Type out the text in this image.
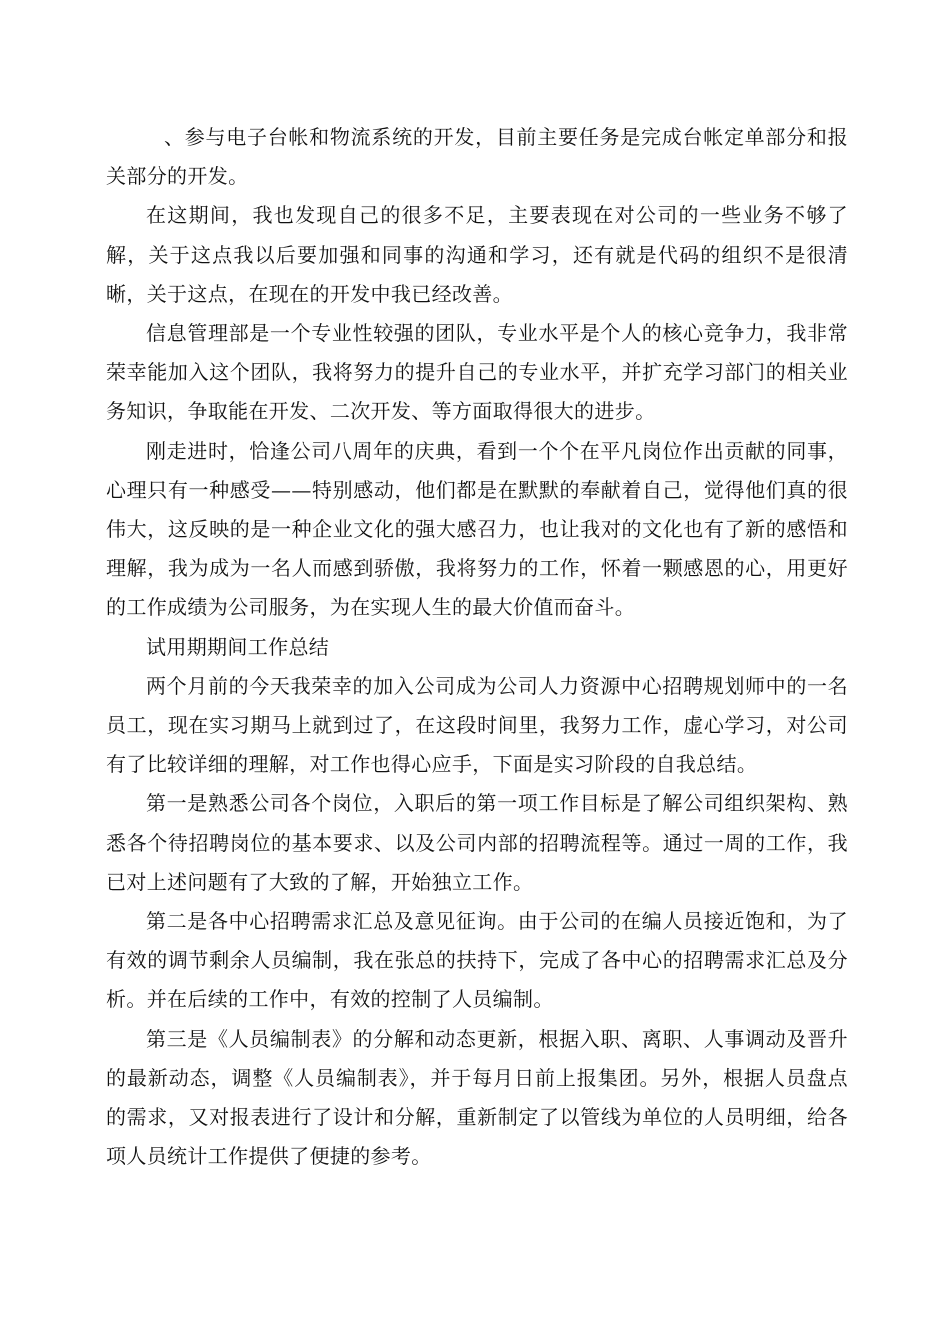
、参与电子台帐和物流系统的开发，目前主要任务是完成台帐定单部分和报关部分的开发。

在这期间，我也发现自己的很多不足，主要表现在对公司的一些业务不够了解，关于这点我以后要加强和同事的沟通和学习，还有就是代码的组织不是很清晰，关于这点，在现在的开发中我已经改善。

信息管理部是一个专业性较强的团队，专业水平是个人的核心竞争力，我非常荣幸能加入这个团队，我将努力的提升自己的专业水平，并扩充学习部门的相关业务知识，争取能在开发、二次开发、等方面取得很大的进步。

刚走进时，恰逢公司八周年的庆典，看到一个个在平凡岗位作出贡献的同事，心理只有一种感受——特别感动，他们都是在默默的奉献着自己，觉得他们真的很伟大，这反映的是一种企业文化的强大感召力，也让我对的文化也有了新的感悟和理解，我为成为一名人而感到骄傲，我将努力的工作，怀着一颗感恩的心，用更好的工作成绩为公司服务，为在实现人生的最大价值而奋斗。

试用期期间工作总结

两个月前的今天我荣幸的加入公司成为公司人力资源中心招聘规划师中的一名员工，现在实习期马上就到过了，在这段时间里，我努力工作，虚心学习，对公司有了比较详细的理解，对工作也得心应手，下面是实习阶段的自我总结。

第一是熟悉公司各个岗位，入职后的第一项工作目标是了解公司组织架构、熟悉各个待招聘岗位的基本要求、以及公司内部的招聘流程等。通过一周的工作，我已对上述问题有了大致的了解，开始独立工作。

第二是各中心招聘需求汇总及意见征询。由于公司的在编人员接近饱和，为了有效的调节剩余人员编制，我在张总的扶持下，完成了各中心的招聘需求汇总及分析。并在后续的工作中，有效的控制了人员编制。

第三是《人员编制表》的分解和动态更新，根据入职、离职、人事调动及晋升的最新动态，调整《人员编制表》，并于每月日前上报集团。另外，根据人员盘点的需求，又对报表进行了设计和分解，重新制定了以管线为单位的人员明细，给各项人员统计工作提供了便捷的参考。
